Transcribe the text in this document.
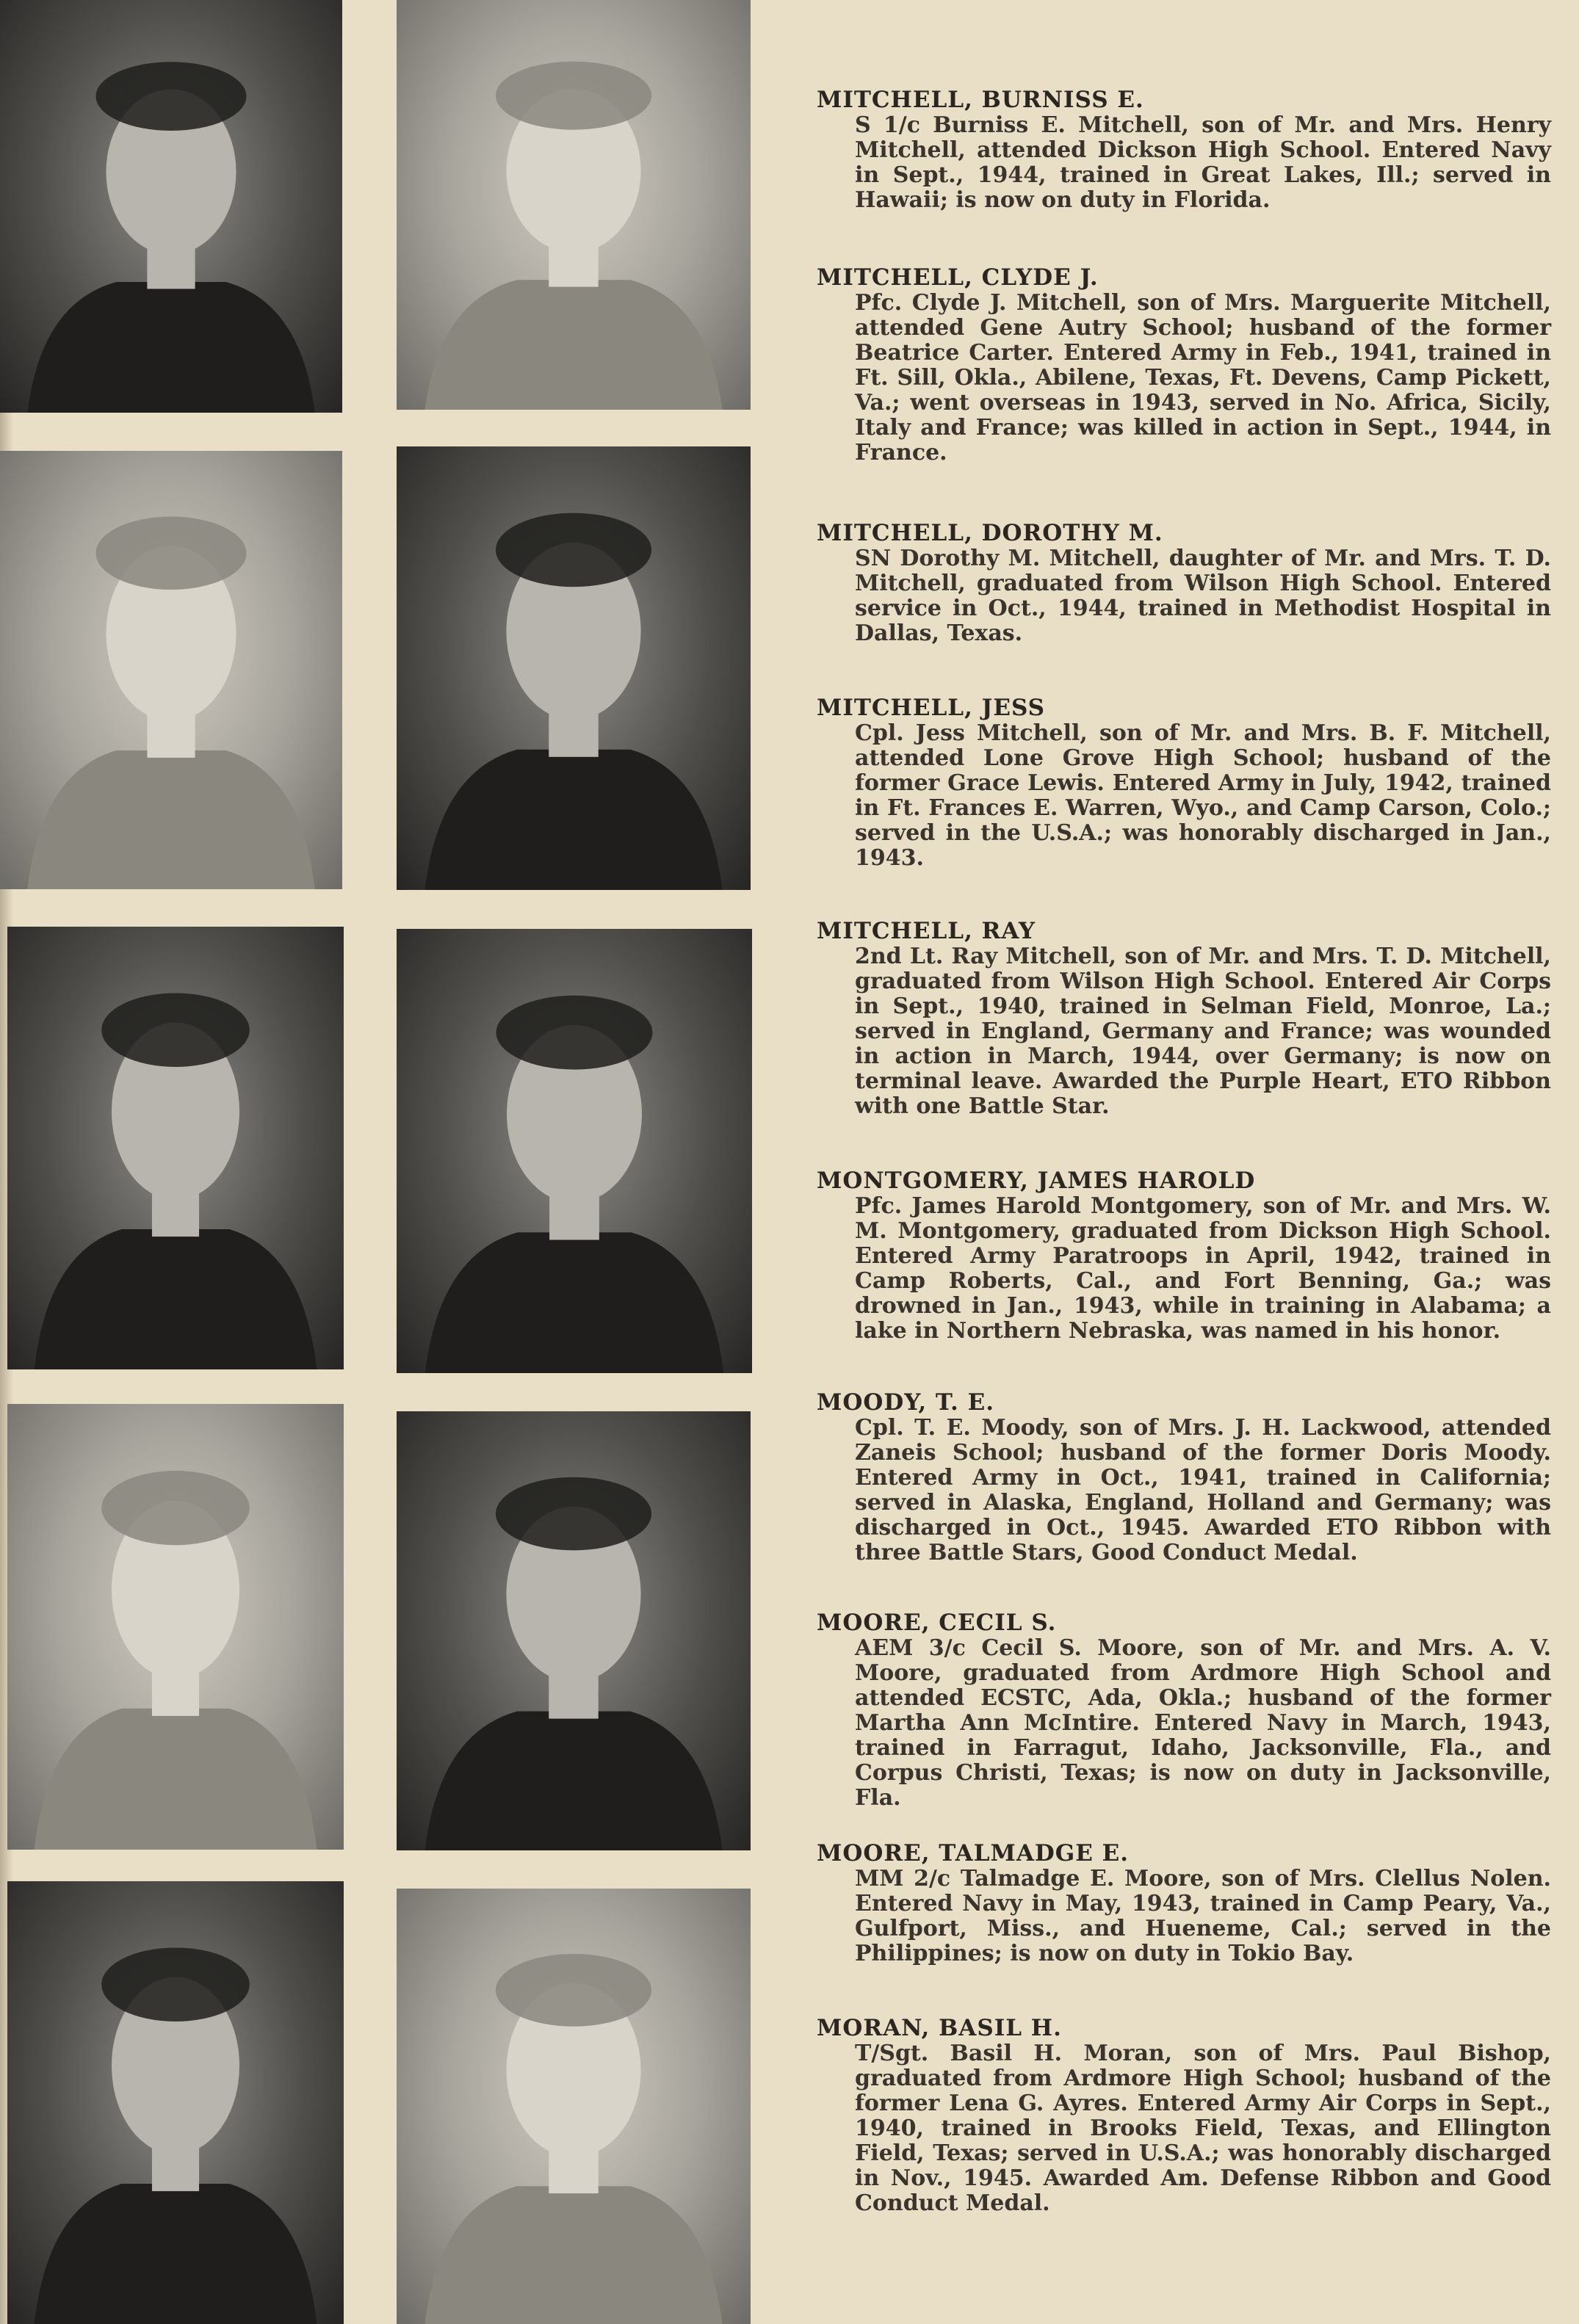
MITCHELL, BURNISS E.

S 1/c Burniss E. Mitchell, son of Mr. and Mrs. Henry Mitchell, attended Dickson High School. Entered Navy in Sept., 1944, trained in Great Lakes, Ill.; served in Hawaii; is now on duty in Florida.

MITCHELL, CLYDE J.

Pfc. Clyde J. Mitchell, son of Mrs. Marguerite Mitchell, attended Gene Autry School; husband of the former Beatrice Carter. Entered Army in Feb., 1941, trained in Ft. Sill, Okla., Abilene, Texas, Ft. Devens, Camp Pickett, Va.; went overseas in 1943, served in No. Africa, Sicily, Italy and France; was killed in action in Sept., 1944, in France.

MITCHELL, DOROTHY M.

SN Dorothy M. Mitchell, daughter of Mr. and Mrs. T. D. Mitchell, graduated from Wilson High School. Entered service in Oct., 1944, trained in Methodist Hospital in Dallas, Texas.

MITCHELL, JESS

Cpl. Jess Mitchell, son of Mr. and Mrs. B. F. Mitchell, attended Lone Grove High School; husband of the former Grace Lewis. Entered Army in July, 1942, trained in Ft. Frances E. Warren, Wyo., and Camp Carson, Colo.; served in the U.S.A.; was honorably discharged in Jan., 1943.

MITCHELL, RAY

2nd Lt. Ray Mitchell, son of Mr. and Mrs. T. D. Mitchell, graduated from Wilson High School. Entered Air Corps in Sept., 1940, trained in Selman Field, Monroe, La.; served in England, Germany and France; was wounded in action in March, 1944, over Germany; is now on terminal leave. Awarded the Purple Heart, ETO Ribbon with one Battle Star.

MONTGOMERY, JAMES HAROLD

Pfc. James Harold Montgomery, son of Mr. and Mrs. W. M. Montgomery, graduated from Dickson High School. Entered Army Paratroops in April, 1942, trained in Camp Roberts, Cal., and Fort Benning, Ga.; was drowned in Jan., 1943, while in training in Alabama; a lake in Northern Nebraska, was named in his honor.

MOODY, T. E.

Cpl. T. E. Moody, son of Mrs. J. H. Lackwood, attended Zaneis School; husband of the former Doris Moody. Entered Army in Oct., 1941, trained in California; served in Alaska, England, Holland and Germany; was discharged in Oct., 1945. Awarded ETO Ribbon with three Battle Stars, Good Conduct Medal.

MOORE, CECIL S.

AEM 3/c Cecil S. Moore, son of Mr. and Mrs. A. V. Moore, graduated from Ardmore High School and attended ECSTC, Ada, Okla.; husband of the former Martha Ann McIntire. Entered Navy in March, 1943, trained in Farragut, Idaho, Jacksonville, Fla., and Corpus Christi, Texas; is now on duty in Jacksonville, Fla.

MOORE, TALMADGE E.

MM 2/c Talmadge E. Moore, son of Mrs. Clellus Nolen. Entered Navy in May, 1943, trained in Camp Peary, Va., Gulfport, Miss., and Hueneme, Cal.; served in the Philippines; is now on duty in Tokio Bay.

MORAN, BASIL H.

T/Sgt. Basil H. Moran, son of Mrs. Paul Bishop, graduated from Ardmore High School; husband of the former Lena G. Ayres. Entered Army Air Corps in Sept., 1940, trained in Brooks Field, Texas, and Ellington Field, Texas; served in U.S.A.; was honorably discharged in Nov., 1945. Awarded Am. Defense Ribbon and Good Conduct Medal.
